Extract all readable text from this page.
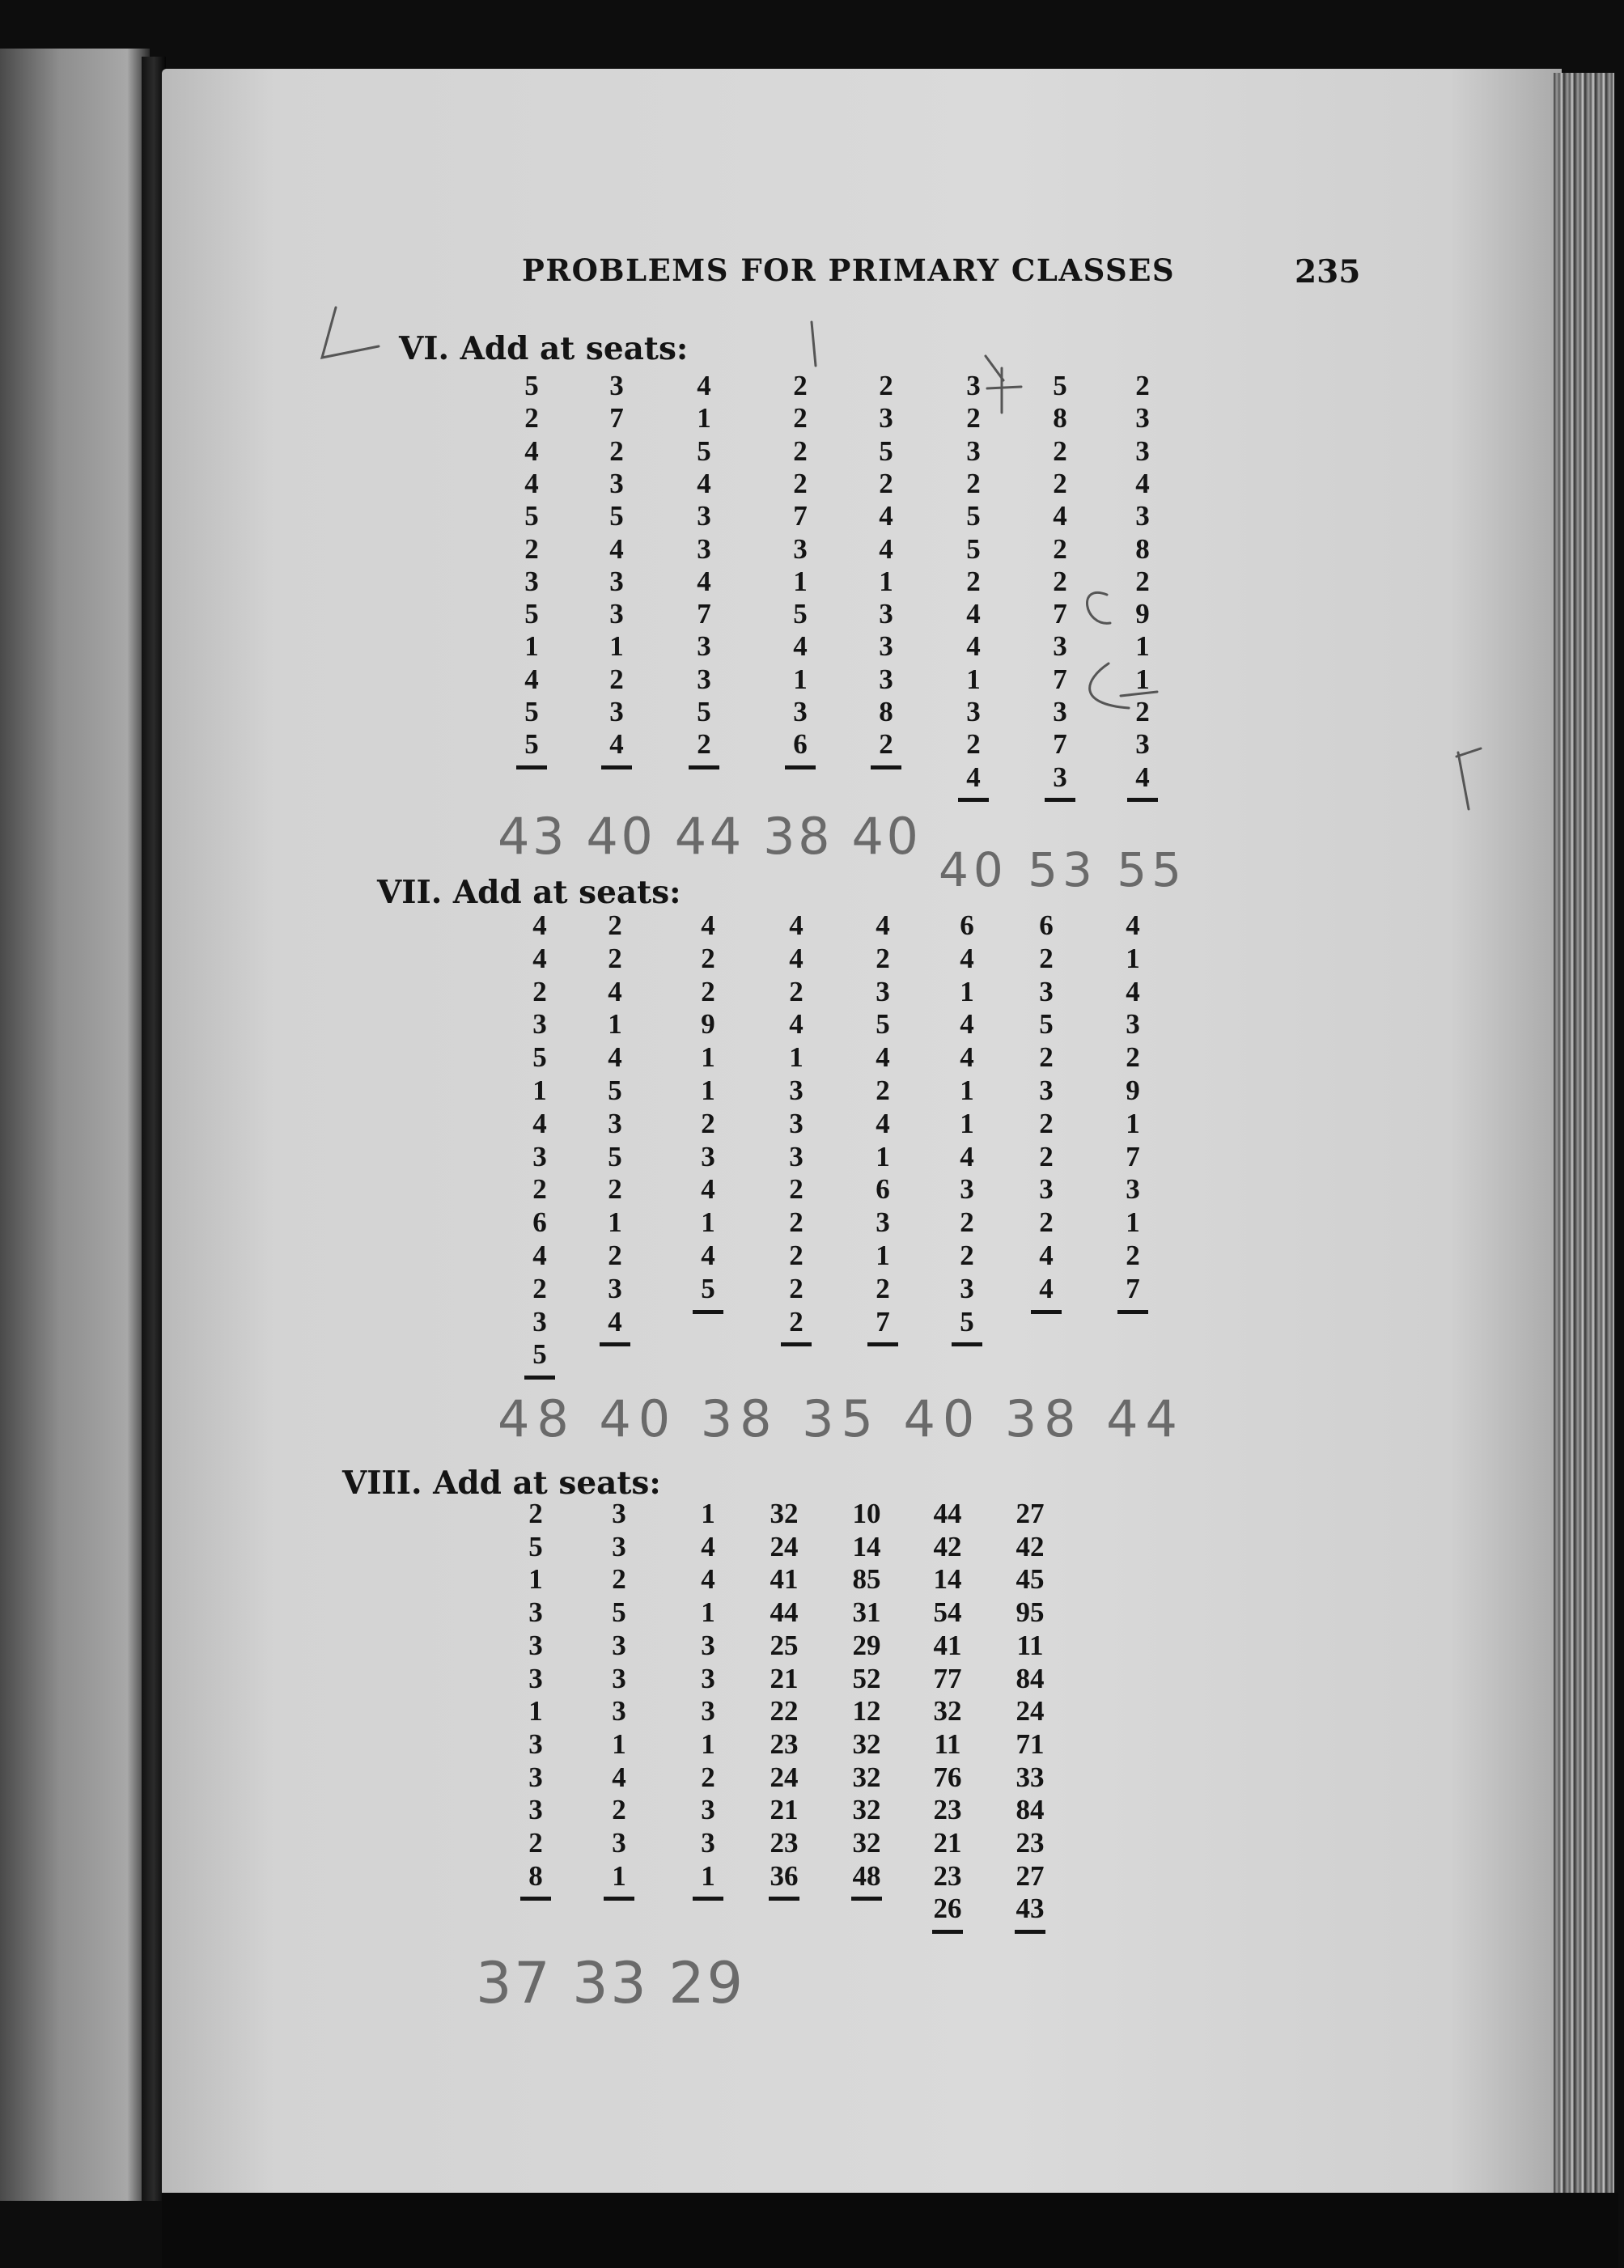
PROBLEMS FOR PRIMARY CLASSES	235
VI. Add at seats:
VII. Add at seats:
VIII. Add at seats:
5
2
4
4
5
2
3
5
1
4
5
5
3
7
2
3
5
4
3
3
1
2
3
4
4
1
5
4
3
3
4
7
3
3
5
2
2
2
2
2
7
3
1
5
4
1
3
6
2
3
5
2
4
4
1
3
3
3
8
2
3
2
3
2
5
5
2
4
4
1
3
2
4
5
8
2
2
4
2
2
7
3
7
3
7
3
2
3
3
4
3
8
2
9
1
1
2
3
4
4
4
2
3
5
1
4
3
2
6
4
2
3
5
2
2
4
1
4
5
3
5
2
1
2
3
4
4
2
2
9
1
1
2
3
4
1
4
5
4
4
2
4
1
3
3
3
2
2
2
2
2
4
2
3
5
4
2
4
1
6
3
1
2
7
6
4
1
4
4
1
1
4
3
2
2
3
5
6
2
3
5
2
3
2
2
3
2
4
4
4
1
4
3
2
9
1
7
3
1
2
7
2
5
1
3
3
3
1
3
3
3
2
8
3
3
2
5
3
3
3
1
4
2
3
1
1
4
4
1
3
3
3
1
2
3
3
1
32
24
41
44
25
21
22
23
24
21
23
36
10
14
85
31
29
52
12
32
32
32
32
48
44
42
14
54
41
77
32
11
76
23
21
23
26
27
42
45
95
11
84
24
71
33
84
23
27
43
43 40 44 38 40
40 53 55
48 40 38 35 40 38 44
37 33 29
